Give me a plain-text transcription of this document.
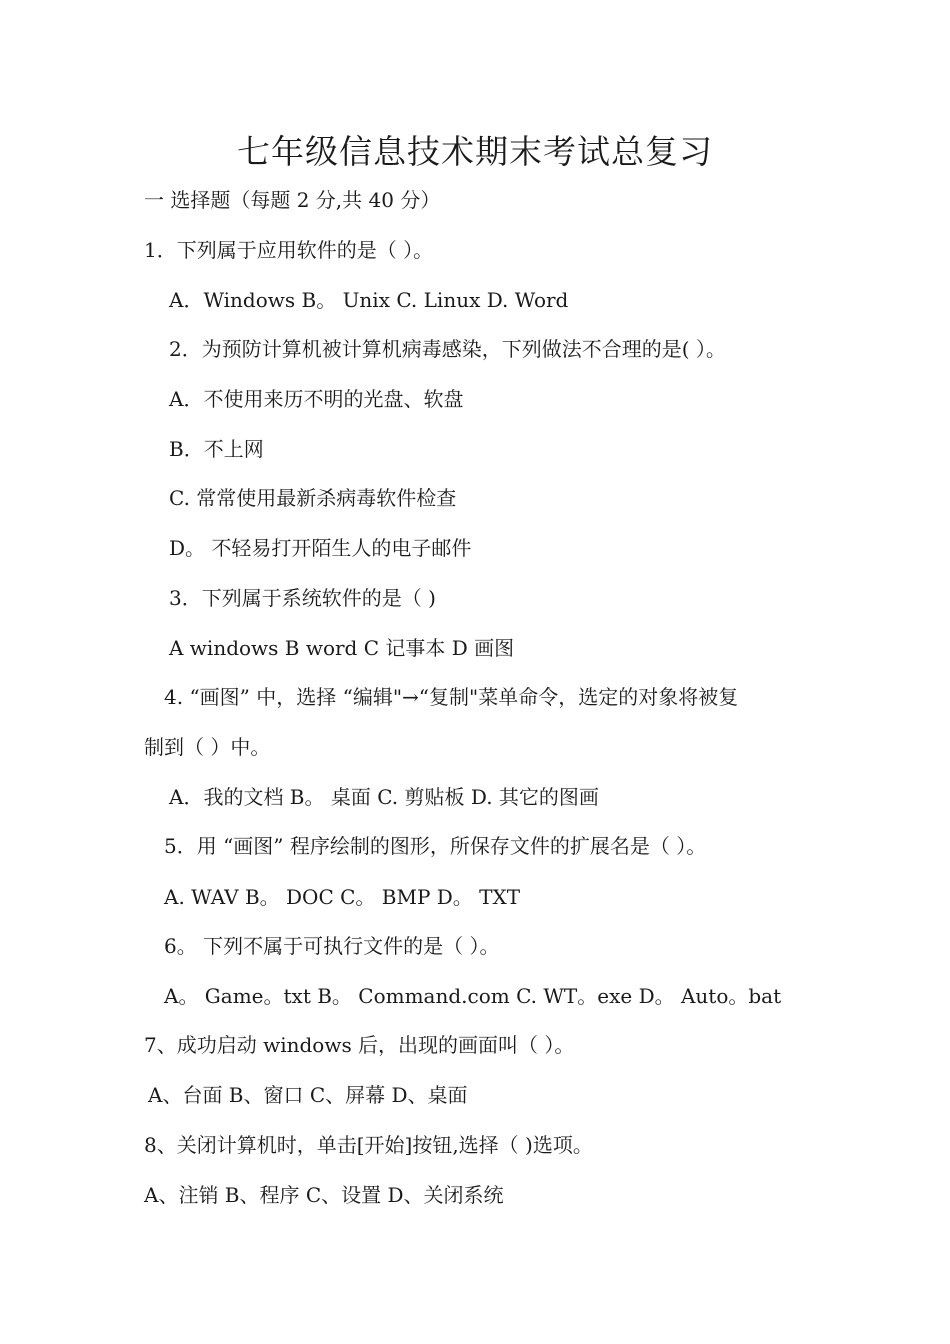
七年级信息技术期末考试总复习
一 选择题（每题 2 分,共 40 分）
1．下列属于应用软件的是（ ）。
A．Windows B。 Unix C. Linux D. Word
2．为预防计算机被计算机病毒感染，下列做法不合理的是( ）。
A．不使用来历不明的光盘、软盘
B．不上网
C. 常常使用最新杀病毒软件检查
D。 不轻易打开陌生人的电子邮件
3．下列属于系统软件的是（ )
A windows B word C 记事本 D 画图
4. “画图” 中，选择 “编辑"→“复制"菜单命令，选定的对象将被复
制到（ ）中。
A．我的文档 B。 桌面 C. 剪贴板 D. 其它的图画
5．用 “画图” 程序绘制的图形，所保存文件的扩展名是（ ）。
A. WAV B。 DOC C。 BMP D。 TXT
6。 下列不属于可执行文件的是（ ）。
A。 Game。txt B。 Command.com C. WT。exe D。 Auto。bat
7、成功启动 windows 后，出现的画面叫（ ）。
A、台面 B、窗口 C、屏幕 D、桌面
8、关闭计算机时，单击[开始]按钮,选择（ )选项。
A、注销 B、程序 C、设置 D、关闭系统
